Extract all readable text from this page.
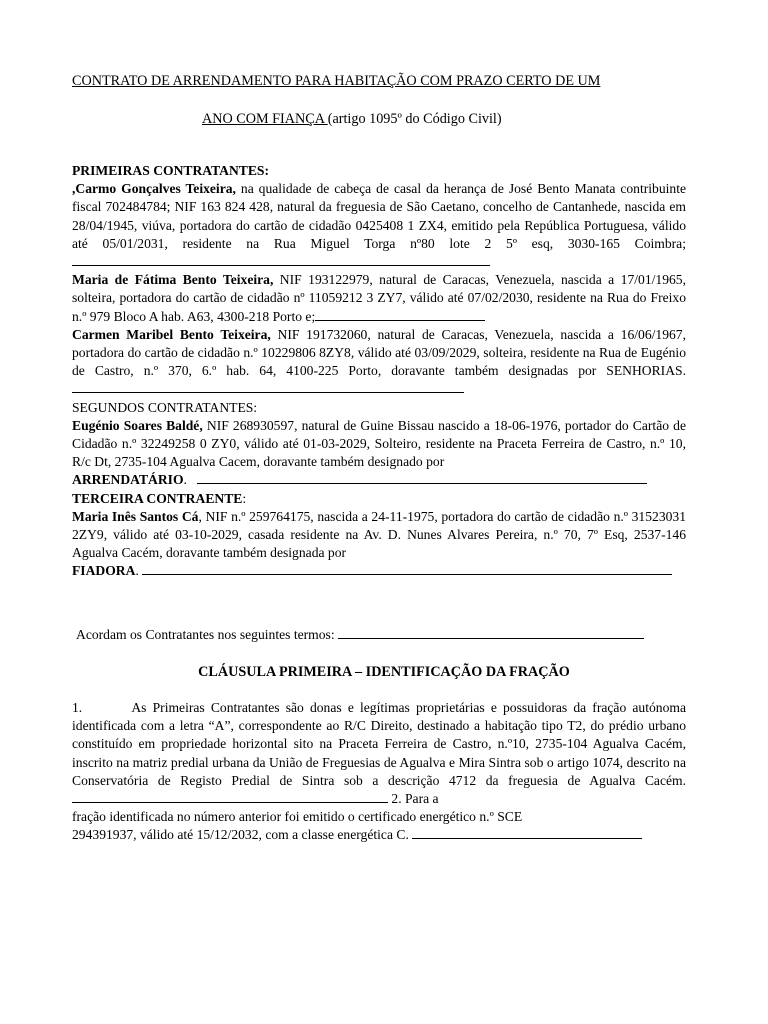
CONTRATO DE ARRENDAMENTO PARA HABITAÇÃO COM PRAZO CERTO DE UM
ANO COM FIANÇA (artigo 1095º do Código Civil)

PRIMEIRAS CONTRATANTES:

,Carmo Gonçalves Teixeira, na qualidade de cabeça de casal da herança de José Bento Manata contribuinte fiscal 702484784; NIF 163 824 428, natural da freguesia de São Caetano, concelho de Cantanhede, nascida em 28/04/1945, viúva, portadora do cartão de cidadão 0425408 1 ZX4, emitido pela República Portuguesa, válido até 05/01/2031, residente na Rua Miguel Torga nº80 lote 2 5º esq, 3030-165 Coimbra;

Maria de Fátima Bento Teixeira, NIF 193122979, natural de Caracas, Venezuela, nascida a 17/01/1965, solteira, portadora do cartão de cidadão nº 11059212 3 ZY7, válido até 07/02/2030, residente na Rua do Freixo n.º 979 Bloco A hab. A63, 4300-218 Porto e;

Carmen Maribel Bento Teixeira, NIF 191732060, natural de Caracas, Venezuela, nascida a 16/06/1967, portadora do cartão de cidadão n.º 10229806 8ZY8, válido até 03/09/2029, solteira, residente na Rua de Eugénio de Castro, n.º 370, 6.º hab. 64, 4100-225 Porto, doravante também designadas por SENHORIAS.

SEGUNDOS CONTRATANTES:

Eugénio Soares Baldé, NIF 268930597, natural de Guine Bissau nascido a 18-06-1976, portador do Cartão de Cidadão n.º 32249258 0 ZY0, válido até 01-03-2029, Solteiro, residente na Praceta Ferreira de Castro, n.º 10, R/c Dt, 2735-104 Agualva Cacem, doravante também designado por

ARRENDATÁRIO.

TERCEIRA CONTRAENTE:

Maria Inês Santos Cá, NIF n.º 259764175, nascida a 24-11-1975, portadora do cartão de cidadão n.º 31523031 2ZY9, válido até 03-10-2029, casada residente na Av. D. Nunes Alvares Pereira, n.º 70, 7º Esq, 2537-146 Agualva Cacém, doravante também designada por

FIADORA.

Acordam os Contratantes nos seguintes termos:
CLÁUSULA PRIMEIRA – IDENTIFICAÇÃO DA FRAÇÃO

1.	As Primeiras Contratantes são donas e legítimas proprietárias e possuidoras da fração autónoma identificada com a letra “A”, correspondente ao R/C Direito, destinado a habitação tipo T2, do prédio urbano constituído em propriedade horizontal sito na Praceta Ferreira de Castro, n.º10, 2735-104 Agualva Cacém, inscrito na matriz predial urbana da União de Freguesias de Agualva e Mira Sintra sob o artigo 1074, descrito na Conservatória de Registo Predial de Sintra sob a descrição 4712 da freguesia de Agualva Cacém.  2. Para a

fração identificada no número anterior foi emitido o certificado energético n.º SCE

294391937, válido até 15/12/2032, com a classe energética C.
